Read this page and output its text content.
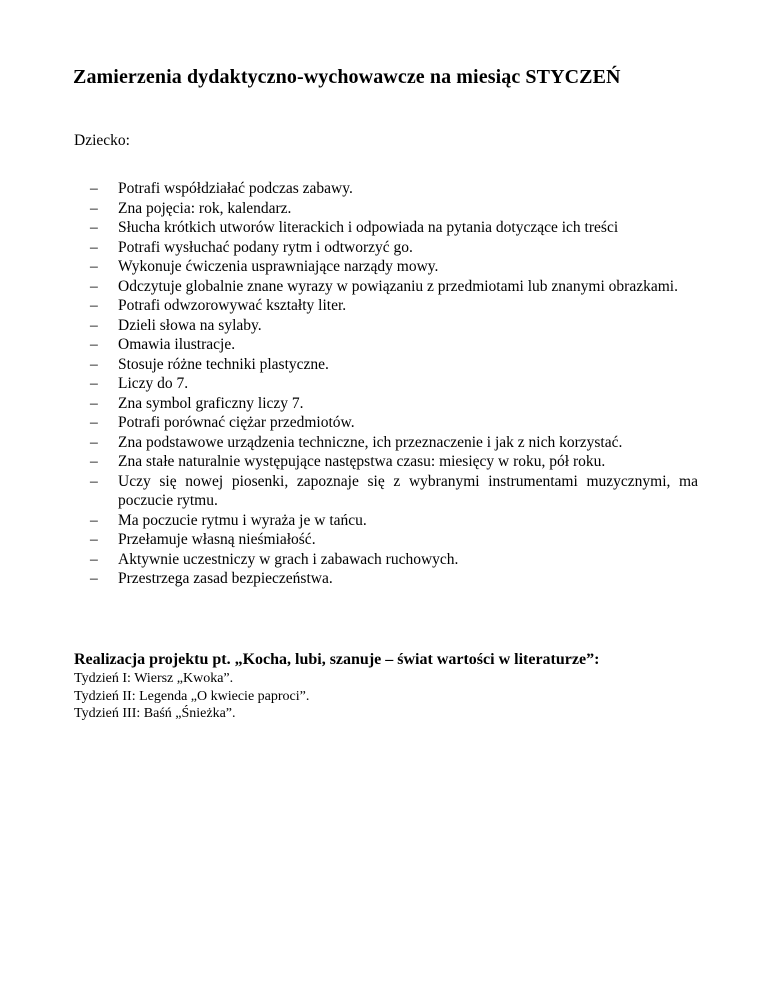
Zamierzenia dydaktyczno-wychowawcze na miesiąc STYCZEŃ
Dziecko:
– Potrafi współdziałać podczas zabawy.
– Zna pojęcia: rok, kalendarz.
– Słucha krótkich utworów literackich i odpowiada na pytania dotyczące ich treści
– Potrafi wysłuchać podany rytm i odtworzyć go.
– Wykonuje ćwiczenia usprawniające narządy mowy.
– Odczytuje globalnie znane wyrazy w powiązaniu z przedmiotami lub znanymi obrazkami.
– Potrafi odwzorowywać kształty liter.
– Dzieli słowa na sylaby.
– Omawia ilustracje.
– Stosuje różne techniki plastyczne.
– Liczy do 7.
– Zna symbol graficzny liczy 7.
– Potrafi porównać ciężar przedmiotów.
– Zna podstawowe urządzenia techniczne, ich przeznaczenie i jak z nich korzystać.
– Zna stałe naturalnie występujące następstwa czasu: miesięcy w roku, pół roku.
– Uczy się nowej piosenki, zapoznaje się z wybranymi instrumentami muzycznymi, ma poczucie rytmu.
– Ma poczucie rytmu i wyraża je w tańcu.
– Przełamuje własną nieśmiałość.
– Aktywnie uczestniczy w grach i zabawach ruchowych.
– Przestrzega zasad bezpieczeństwa.
Realizacja projektu pt. „Kocha, lubi, szanuje – świat wartości w literaturze”:
Tydzień I: Wiersz „Kwoka”.
Tydzień II: Legenda „O kwiecie paproci”.
Tydzień III: Baśń „Śnieżka”.
